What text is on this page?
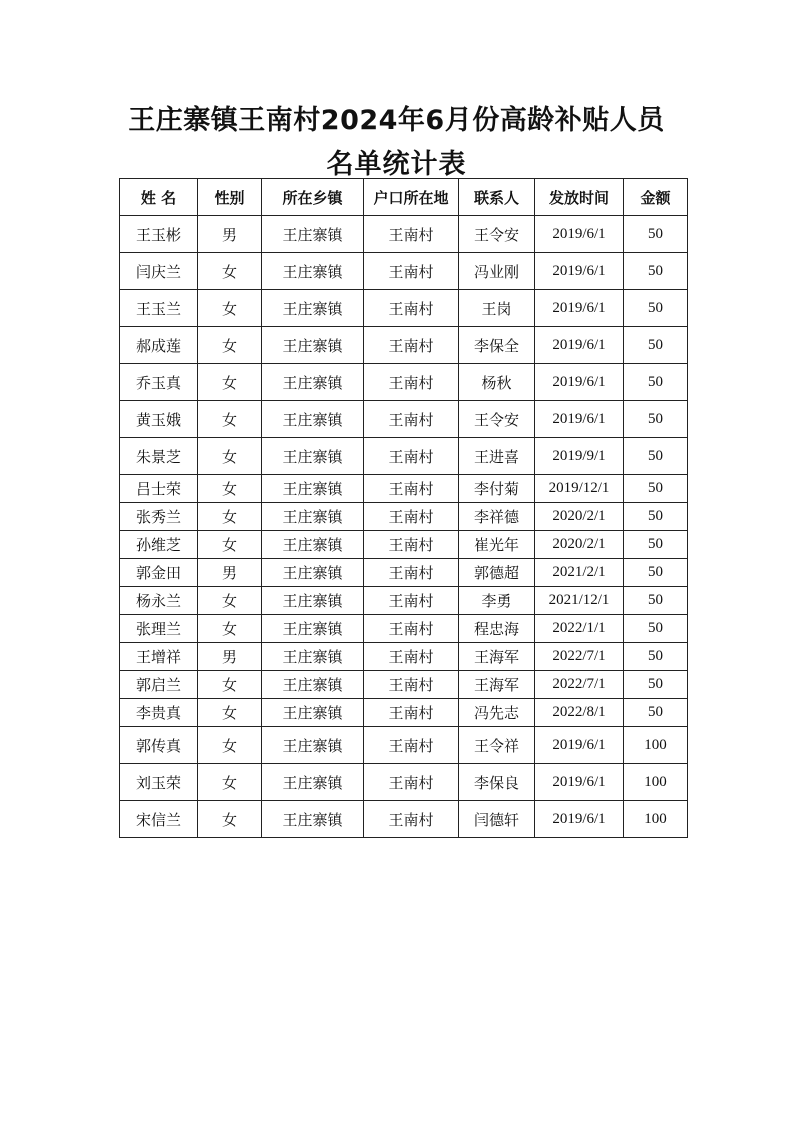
王庄寨镇王南村2024年6月份高龄补贴人员
名单统计表
姓 名	性别	所在乡镇	户口所在地	联系人	发放时间	金额
王玉彬	男	王庄寨镇	王南村	王令安	2019/6/1	50
闫庆兰	女	王庄寨镇	王南村	冯业刚	2019/6/1	50
王玉兰	女	王庄寨镇	王南村	王岗	2019/6/1	50
郝成莲	女	王庄寨镇	王南村	李保全	2019/6/1	50
乔玉真	女	王庄寨镇	王南村	杨秋	2019/6/1	50
黄玉娥	女	王庄寨镇	王南村	王令安	2019/6/1	50
朱景芝	女	王庄寨镇	王南村	王进喜	2019/9/1	50
吕士荣	女	王庄寨镇	王南村	李付菊	2019/12/1	50
张秀兰	女	王庄寨镇	王南村	李祥德	2020/2/1	50
孙维芝	女	王庄寨镇	王南村	崔光年	2020/2/1	50
郭金田	男	王庄寨镇	王南村	郭德超	2021/2/1	50
杨永兰	女	王庄寨镇	王南村	李勇	2021/12/1	50
张理兰	女	王庄寨镇	王南村	程忠海	2022/1/1	50
王增祥	男	王庄寨镇	王南村	王海军	2022/7/1	50
郭启兰	女	王庄寨镇	王南村	王海军	2022/7/1	50
李贵真	女	王庄寨镇	王南村	冯先志	2022/8/1	50
郭传真	女	王庄寨镇	王南村	王令祥	2019/6/1	100
刘玉荣	女	王庄寨镇	王南村	李保良	2019/6/1	100
宋信兰	女	王庄寨镇	王南村	闫德轩	2019/6/1	100
